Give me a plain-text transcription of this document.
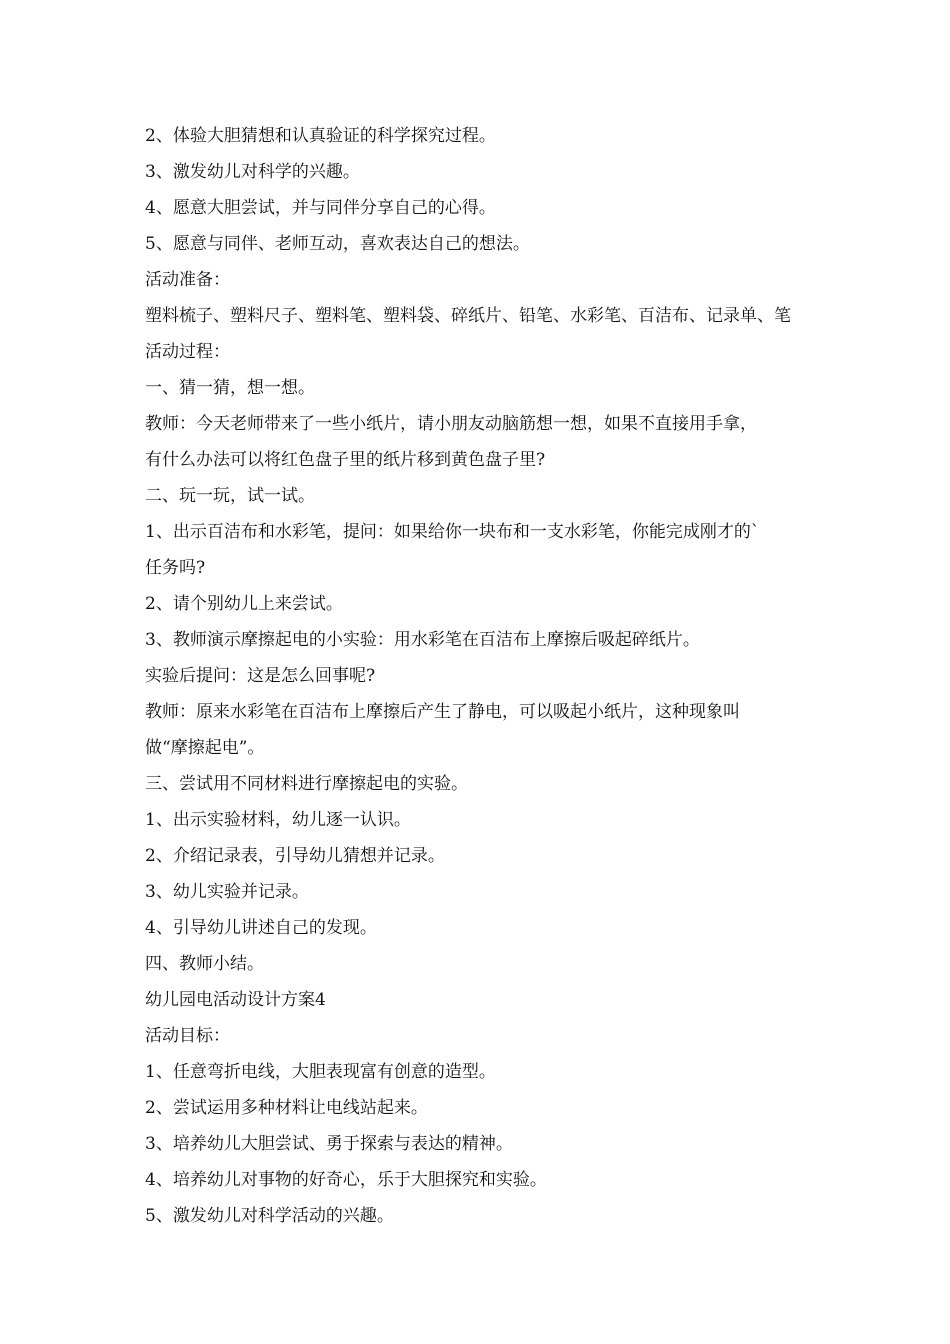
2、体验大胆猜想和认真验证的科学探究过程。
3、激发幼儿对科学的兴趣。
4、愿意大胆尝试，并与同伴分享自己的心得。
5、愿意与同伴、老师互动，喜欢表达自己的想法。
活动准备：
塑料梳子、塑料尺子、塑料笔、塑料袋、碎纸片、铅笔、水彩笔、百洁布、记录单、笔
活动过程：
一、猜一猜，想一想。
教师：今天老师带来了一些小纸片，请小朋友动脑筋想一想，如果不直接用手拿，
有什么办法可以将红色盘子里的纸片移到黄色盘子里?
二、玩一玩，试一试。
1、出示百洁布和水彩笔，提问：如果给你一块布和一支水彩笔，你能完成刚才的`
任务吗?
2、请个别幼儿上来尝试。
3、教师演示摩擦起电的小实验：用水彩笔在百洁布上摩擦后吸起碎纸片。
实验后提问：这是怎么回事呢?
教师：原来水彩笔在百洁布上摩擦后产生了静电，可以吸起小纸片，这种现象叫
做“摩擦起电”。
三、尝试用不同材料进行摩擦起电的实验。
1、出示实验材料，幼儿逐一认识。
2、介绍记录表，引导幼儿猜想并记录。
3、幼儿实验并记录。
4、引导幼儿讲述自己的发现。
四、教师小结。
幼儿园电活动设计方案4
活动目标：
1、任意弯折电线，大胆表现富有创意的造型。
2、尝试运用多种材料让电线站起来。
3、培养幼儿大胆尝试、勇于探索与表达的精神。
4、培养幼儿对事物的好奇心，乐于大胆探究和实验。
5、激发幼儿对科学活动的兴趣。
